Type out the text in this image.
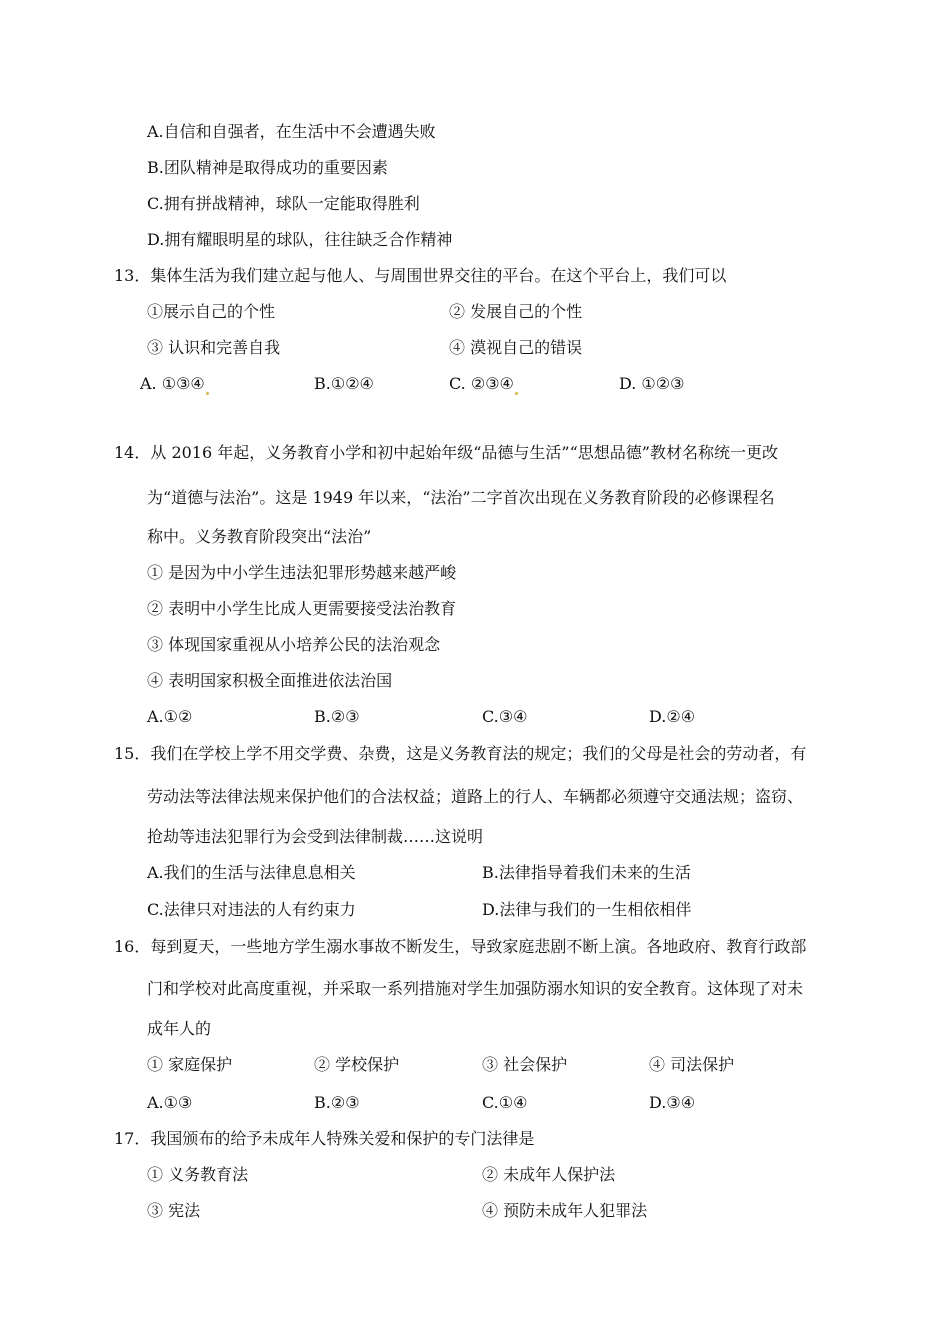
A.自信和自强者，在生活中不会遭遇失败
B.团队精神是取得成功的重要因素
C.拥有拼战精神，球队一定能取得胜利
D.拥有耀眼明星的球队，往往缺乏合作精神
13．集体生活为我们建立起与他人、与周围世界交往的平台。在这个平台上，我们可以
①展示自己的个性	② 发展自己的个性
③ 认识和完善自我	④ 漠视自己的错误
A. ①③④	B.①②④	C. ②③④	D. ①②③
14．从 2016 年起，义务教育小学和初中起始年级“品德与生活”“思想品德”教材名称统一更改
为“道德与法治”。这是 1949 年以来，“法治”二字首次出现在义务教育阶段的必修课程名
称中。义务教育阶段突出“法治”
① 是因为中小学生违法犯罪形势越来越严峻
② 表明中小学生比成人更需要接受法治教育
③ 体现国家重视从小培养公民的法治观念
④ 表明国家积极全面推进依法治国
A.①②	B.②③	C.③④	D.②④
15．我们在学校上学不用交学费、杂费，这是义务教育法的规定；我们的父母是社会的劳动者，有
劳动法等法律法规来保护他们的合法权益；道路上的行人、车辆都必须遵守交通法规；盗窃、
抢劫等违法犯罪行为会受到法律制裁……这说明
A.我们的生活与法律息息相关	B.法律指导着我们未来的生活
C.法律只对违法的人有约束力	D.法律与我们的一生相依相伴
16．每到夏天，一些地方学生溺水事故不断发生，导致家庭悲剧不断上演。各地政府、教育行政部
门和学校对此高度重视，并采取一系列措施对学生加强防溺水知识的安全教育。这体现了对未
成年人的
① 家庭保护	② 学校保护	③ 社会保护	④ 司法保护
A.①③	B.②③	C.①④	D.③④
17．我国颁布的给予未成年人特殊关爱和保护的专门法律是
① 义务教育法	② 未成年人保护法
③ 宪法	④ 预防未成年人犯罪法
